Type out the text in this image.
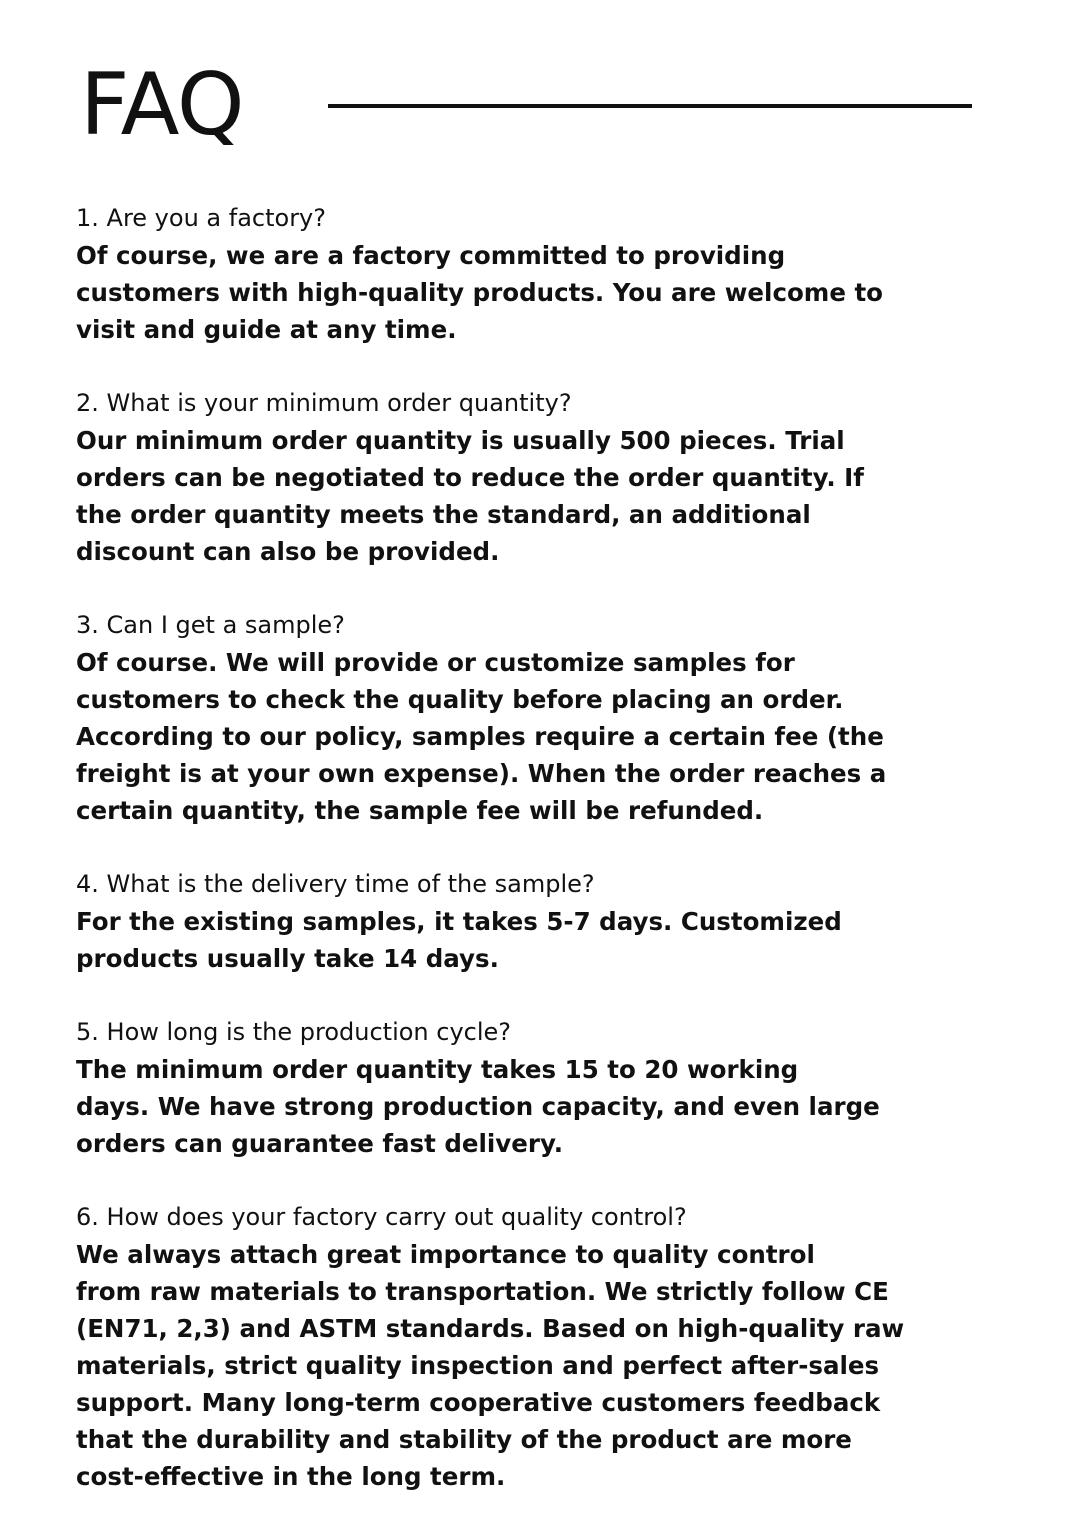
FAQ

1. Are you a factory?

Of course, we are a factory committed to providing
customers with high-quality products. You are welcome to
visit and guide at any time.

2. What is your minimum order quantity?

Our minimum order quantity is usually 500 pieces. Trial
orders can be negotiated to reduce the order quantity. If
the order quantity meets the standard, an additional
discount can also be provided.

3. Can I get a sample?

Of course. We will provide or customize samples for
customers to check the quality before placing an order.
According to our policy, samples require a certain fee (the
freight is at your own expense). When the order reaches a
certain quantity, the sample fee will be refunded.

4. What is the delivery time of the sample?

For the existing samples, it takes 5-7 days. Customized
products usually take 14 days.

5. How long is the production cycle?

The minimum order quantity takes 15 to 20 working
days. We have strong production capacity, and even large
orders can guarantee fast delivery.

6. How does your factory carry out quality control?

We always attach great importance to quality control
from raw materials to transportation. We strictly follow CE
(EN71, 2,3) and ASTM standards. Based on high-quality raw
materials, strict quality inspection and perfect after-sales
support. Many long-term cooperative customers feedback
that the durability and stability of the product are more
cost-effective in the long term.
